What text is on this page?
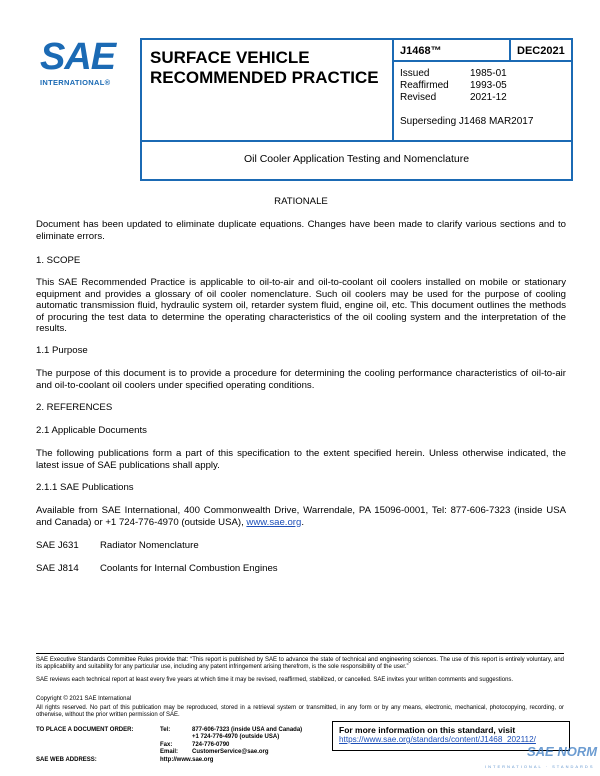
SAE
INTERNATIONAL®
SURFACE VEHICLE
RECOMMENDED PRACTICE
J1468™	DEC2021
Issued	1985-01
Reaffirmed	1993-05
Revised	2021-12
Superseding J1468 MAR2017
Oil Cooler Application Testing and Nomenclature
RATIONALE
Document has been updated to eliminate duplicate equations. Changes have been made to clarify various sections and to eliminate errors.
1. SCOPE
This SAE Recommended Practice is applicable to oil-to-air and oil-to-coolant oil coolers installed on mobile or stationary equipment and provides a glossary of oil cooler nomenclature. Such oil coolers may be used for the purpose of cooling automatic transmission fluid, hydraulic system oil, retarder system fluid, engine oil, etc. This document outlines the methods of procuring the test data to determine the operating characteristics of the oil cooling system and the interpretation of the results.
1.1 Purpose
The purpose of this document is to provide a procedure for determining the cooling performance characteristics of oil-to-air and oil-to-coolant oil coolers under specified operating conditions.
2. REFERENCES
2.1 Applicable Documents
The following publications form a part of this specification to the extent specified herein. Unless otherwise indicated, the latest issue of SAE publications shall apply.
2.1.1 SAE Publications
Available from SAE International, 400 Commonwealth Drive, Warrendale, PA 15096-0001, Tel: 877-606-7323 (inside USA and Canada) or +1 724-776-4970 (outside USA), www.sae.org.
SAE J631	Radiator Nomenclature
SAE J814	Coolants for Internal Combustion Engines
SAE Executive Standards Committee Rules provide that: “This report is published by SAE to advance the state of technical and engineering sciences. The use of this report is entirely voluntary, and its applicability and suitability for any particular use, including any patent infringement arising therefrom, is the sole responsibility of the user.”
SAE reviews each technical report at least every five years at which time it may be revised, reaffirmed, stabilized, or cancelled. SAE invites your written comments and suggestions.
Copyright © 2021 SAE International
All rights reserved. No part of this publication may be reproduced, stored in a retrieval system or transmitted, in any form or by any means, electronic, mechanical, photocopying, recording, or otherwise, without the prior written permission of SAE.
TO PLACE A DOCUMENT ORDER:	Tel:	877-606-7323 (inside USA and Canada)
+1 724-776-4970 (outside USA)
Fax:	724-776-0790
Email:	CustomerService@sae.org
SAE WEB ADDRESS:	http://www.sae.org
For more information on this standard, visit
https://www.sae.org/standards/content/J1468_202112/
SAE NORM
INTERNATIONAL · STANDARDS
